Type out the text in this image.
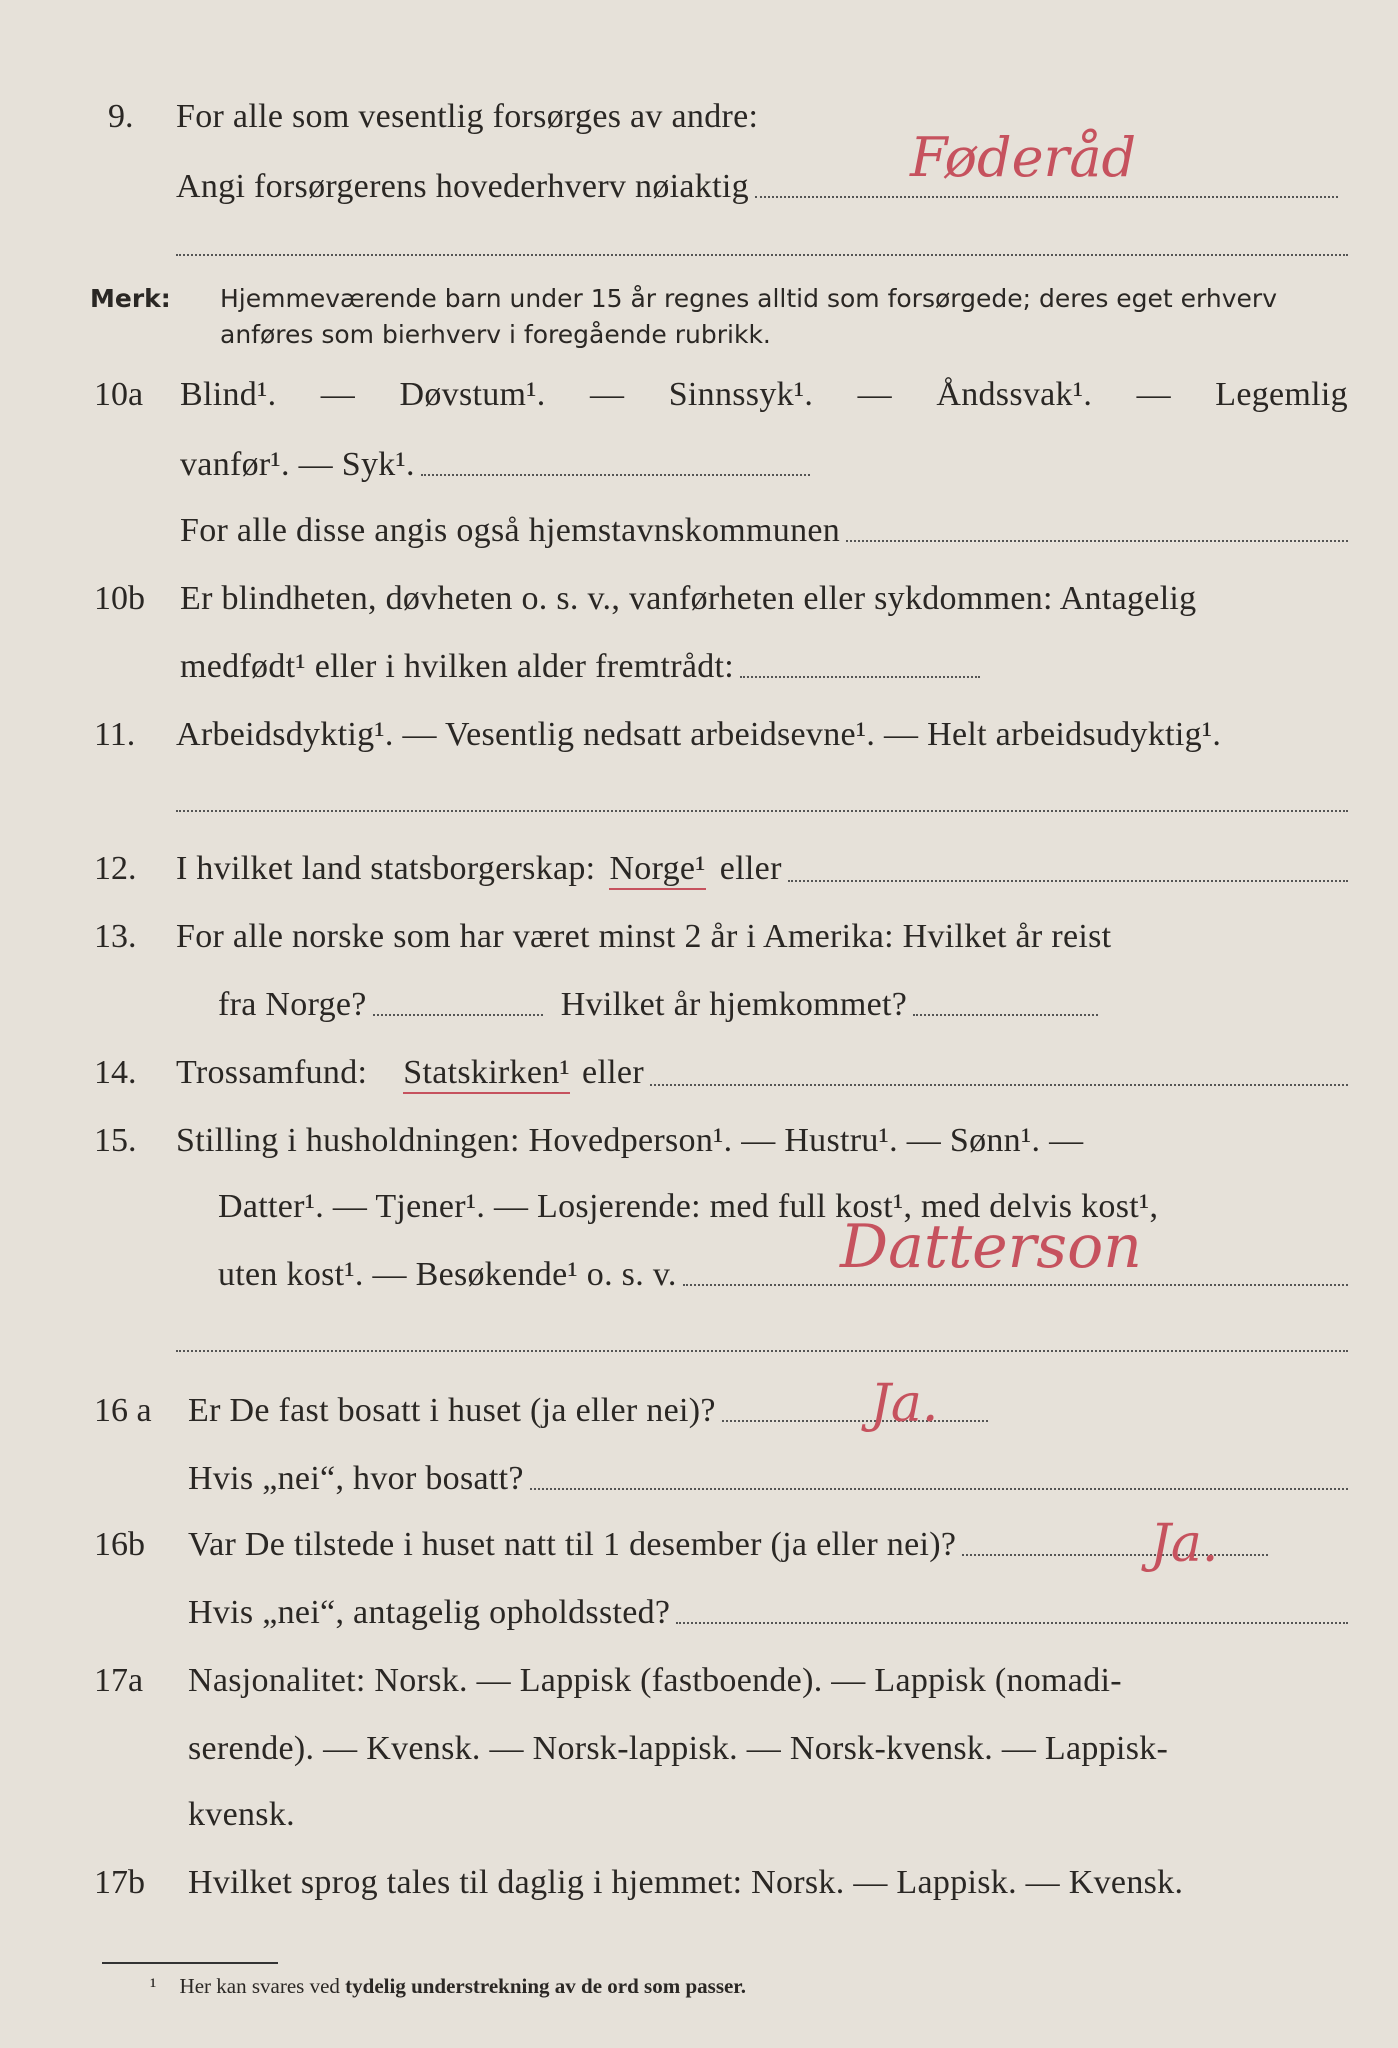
9. For alle som vesentlig forsørges av andre:
Angi forsørgerens hovederhverv nøiaktig	Føderåd
Merk: Hjemmeværende barn under 15 år regnes alltid som forsørgede; deres eget erhverv
anføres som bierhverv i foregående rubrikk.
10a Blind¹. — Døvstum¹. — Sinnssyk¹. — Åndssvak¹. — Legemlig
vanfør¹. — Syk¹.
For alle disse angis også hjemstavnskommunen
10b Er blindheten, døvheten o. s. v., vanførheten eller sykdommen: Antagelig
medfødt¹ eller i hvilken alder fremtrådt:
11. Arbeidsdyktig¹. — Vesentlig nedsatt arbeidsevne¹. — Helt arbeidsudyktig¹.
12. I hvilket land statsborgerskap: Norge¹ eller
13. For alle norske som har været minst 2 år i Amerika: Hvilket år reist
fra Norge?	Hvilket år hjemkommet?
14. Trossamfund: Statskirken¹ eller
15. Stilling i husholdningen: Hovedperson¹. — Hustru¹. — Sønn¹. —
Datter¹. — Tjener¹. — Losjerende: med full kost¹, med delvis kost¹,
uten kost¹. — Besøkende¹ o. s. v.	Datterson
16 a Er De fast bosatt i huset (ja eller nei)?	Ja.
Hvis „nei“, hvor bosatt?
16b Var De tilstede i huset natt til 1 desember (ja eller nei)?	Ja.
Hvis „nei“, antagelig opholdssted?
17a Nasjonalitet: Norsk. — Lappisk (fastboende). — Lappisk (nomadi-
serende). — Kvensk. — Norsk-lappisk. — Norsk-kvensk. — Lappisk-
kvensk.
17b Hvilket sprog tales til daglig i hjemmet: Norsk. — Lappisk. — Kvensk.
¹ Her kan svares ved tydelig understrekning av de ord som passer.
